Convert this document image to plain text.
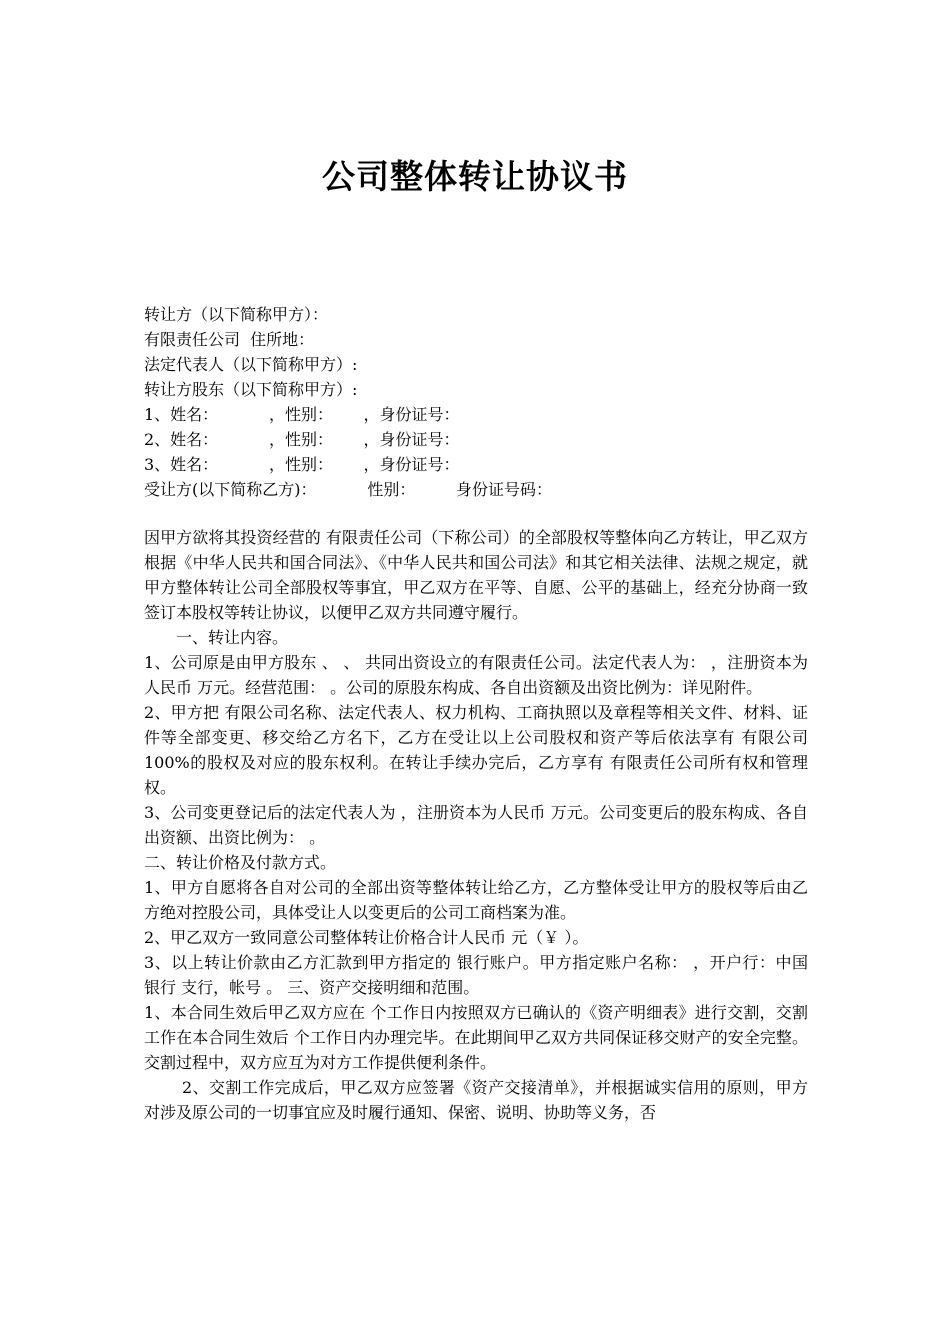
公司整体转让协议书
转让方（以下简称甲方）：
有限责任公司  住所地：
法定代表人（以下简称甲方）:
转让方股东（以下简称甲方）:
1、姓名：          ，性别：      ，身份证号：
2、姓名：          ，性别：      ，身份证号：
3、姓名：          ，性别：      ，身份证号：
受让方(以下简称乙方)：          性别：        身份证号码：
因甲方欲将其投资经营的 有限责任公司（下称公司）的全部股权等整体向乙方转让，甲乙双方根据《中华人民共和国合同法》、《中华人民共和国公司法》和其它相关法律、法规之规定，就甲方整体转让公司全部股权等事宜，甲乙双方在平等、自愿、公平的基础上，经充分协商一致签订本股权等转让协议，以便甲乙双方共同遵守履行。
一、转让内容。
1、公司原是由甲方股东 、 、 共同出资设立的有限责任公司。法定代表人为： ，注册资本为人民币 万元。经营范围： 。公司的原股东构成、各自出资额及出资比例为：详见附件。
2、甲方把 有限公司名称、法定代表人、权力机构、工商执照以及章程等相关文件、材料、证件等全部变更、移交给乙方名下，乙方在受让以上公司股权和资产等后依法享有 有限公司100%的股权及对应的股东权利。在转让手续办完后，乙方享有 有限责任公司所有权和管理权。
3、公司变更登记后的法定代表人为 ，注册资本为人民币 万元。公司变更后的股东构成、各自出资额、出资比例为： 。
二、转让价格及付款方式。
1、甲方自愿将各自对公司的全部出资等整体转让给乙方，乙方整体受让甲方的股权等后由乙方绝对控股公司，具体受让人以变更后的公司工商档案为准。
2、甲乙双方一致同意公司整体转让价格合计人民币 元（￥ ）。
3、以上转让价款由乙方汇款到甲方指定的 银行账户。甲方指定账户名称： ，开户行：中国 银行 支行，帐号 。 三、资产交接明细和范围。
1、本合同生效后甲乙双方应在 个工作日内按照双方已确认的《资产明细表》进行交割，交割工作在本合同生效后 个工作日内办理完毕。在此期间甲乙双方共同保证移交财产的安全完整。交割过程中，双方应互为对方工作提供便利条件。
2、交割工作完成后，甲乙双方应签署《资产交接清单》，并根据诚实信用的原则，甲方对涉及原公司的一切事宜应及时履行通知、保密、说明、协助等义务，否
